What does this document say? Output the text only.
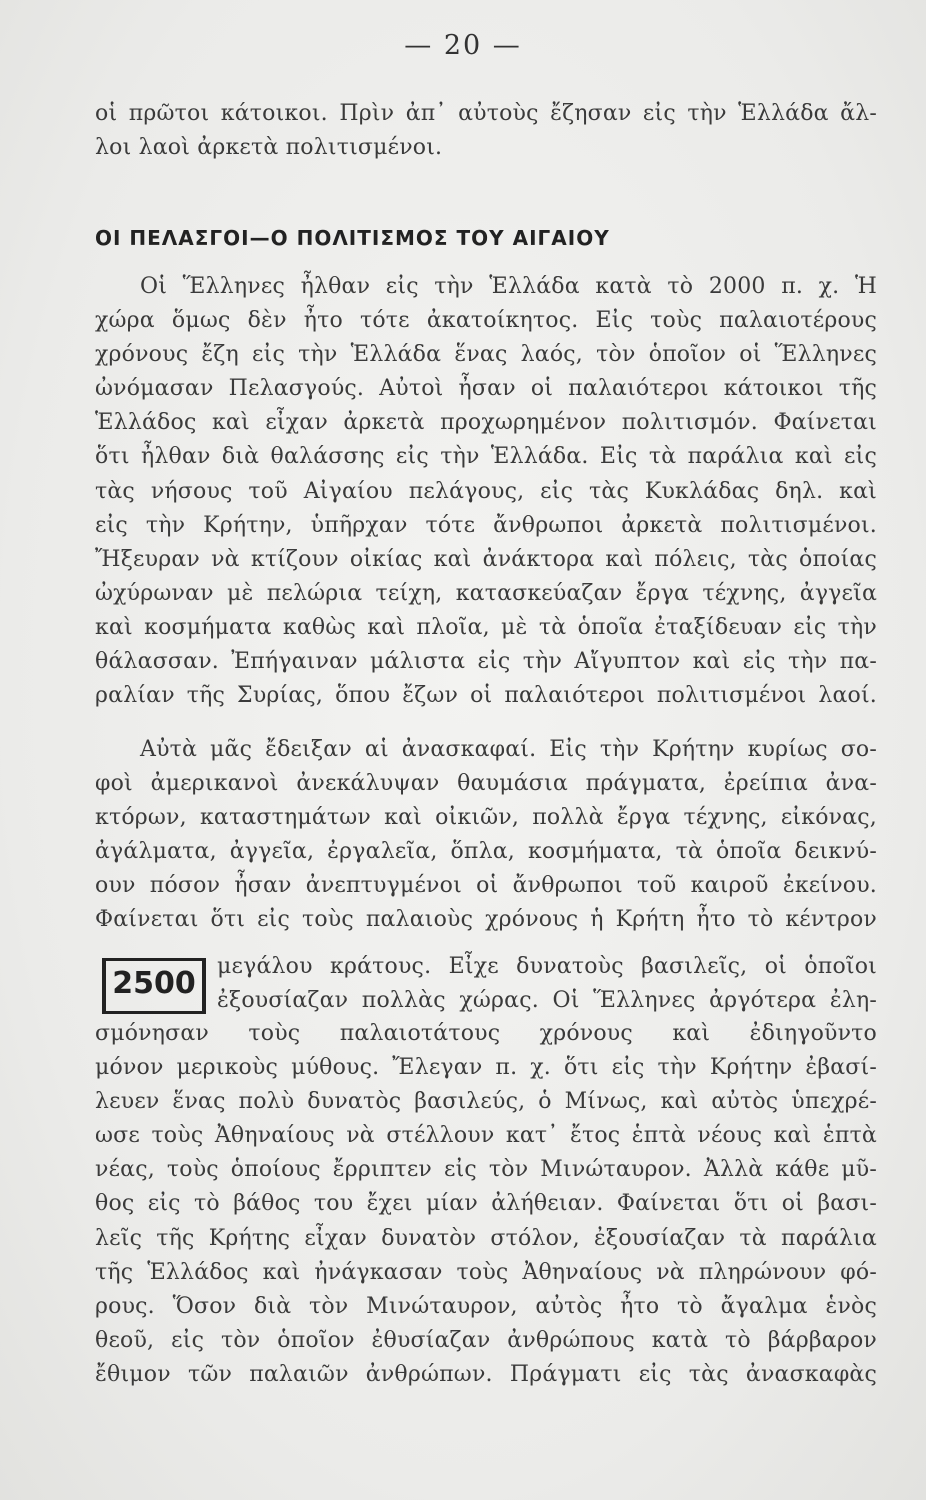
— 20 —
οἱ πρῶτοι κάτοικοι. Πρὶν ἀπ᾽ αὐτοὺς ἔζησαν εἰς τὴν Ἑλλάδα ἄλ-
λοι λαοὶ ἀρκετὰ πολιτισμένοι.
ΟΙ ΠΕΛΑΣΓΟΙ—Ο ΠΟΛΙΤΙΣΜΟΣ ΤΟΥ ΑΙΓΑΙΟΥ
Οἱ Ἕλληνες ἦλθαν εἰς τὴν Ἑλλάδα κατὰ τὸ 2000 π. χ. Ἡ
χώρα ὅμως δὲν ἦτο τότε ἀκατοίκητος. Εἰς τοὺς παλαιοτέρους
χρόνους ἔζη εἰς τὴν Ἑλλάδα ἕνας λαός, τὸν ὁποῖον οἱ Ἕλληνες
ὠνόμασαν Πελασγούς. Αὐτοὶ ἦσαν οἱ παλαιότεροι κάτοικοι τῆς
Ἑλλάδος καὶ εἶχαν ἀρκετὰ προχωρημένον πολιτισμόν. Φαίνεται
ὅτι ἦλθαν διὰ θαλάσσης εἰς τὴν Ἑλλάδα. Εἰς τὰ παράλια καὶ εἰς
τὰς νήσους τοῦ Αἰγαίου πελάγους, εἰς τὰς Κυκλάδας δηλ. καὶ
εἰς τὴν Κρήτην, ὑπῆρχαν τότε ἄνθρωποι ἀρκετὰ πολιτισμένοι.
Ἤξευραν νὰ κτίζουν οἰκίας καὶ ἀνάκτορα καὶ πόλεις, τὰς ὁποίας
ὠχύρωναν μὲ πελώρια τείχη, κατασκεύαζαν ἔργα τέχνης, ἀγγεῖα
καὶ κοσμήματα καθὼς καὶ πλοῖα, μὲ τὰ ὁποῖα ἐταξίδευαν εἰς τὴν
θάλασσαν. Ἐπήγαιναν μάλιστα εἰς τὴν Αἴγυπτον καὶ εἰς τὴν πα-
ραλίαν τῆς Συρίας, ὅπου ἔζων οἱ παλαιότεροι πολιτισμένοι λαοί.
Αὐτὰ μᾶς ἔδειξαν αἱ ἀνασκαφαί. Εἰς τὴν Κρήτην κυρίως σο-
φοὶ ἀμερικανοὶ ἀνεκάλυψαν θαυμάσια πράγματα, ἐρείπια ἀνα-
κτόρων, καταστημάτων καὶ οἰκιῶν, πολλὰ ἔργα τέχνης, εἰκόνας,
ἀγάλματα, ἀγγεῖα, ἐργαλεῖα, ὅπλα, κοσμήματα, τὰ ὁποῖα δεικνύ-
ουν πόσον ἦσαν ἀνεπτυγμένοι οἱ ἄνθρωποι τοῦ καιροῦ ἐκείνου.
Φαίνεται ὅτι εἰς τοὺς παλαιοὺς χρόνους ἡ Κρήτη ἦτο τὸ κέντρον
2500 μεγάλου κράτους. Εἶχε δυνατοὺς βασιλεῖς, οἱ ὁποῖοι
ἐξουσίαζαν πολλὰς χώρας. Οἱ Ἕλληνες ἀργότερα ἐλη-
σμόνησαν τοὺς παλαιοτάτους χρόνους καὶ ἐδιηγοῦντο
μόνον μερικοὺς μύθους. Ἔλεγαν π. χ. ὅτι εἰς τὴν Κρήτην ἐβασί-
λευεν ἕνας πολὺ δυνατὸς βασιλεύς, ὁ Μίνως, καὶ αὐτὸς ὑπεχρέ-
ωσε τοὺς Ἀθηναίους νὰ στέλλουν κατ᾽ ἔτος ἑπτὰ νέους καὶ ἑπτὰ
νέας, τοὺς ὁποίους ἔρριπτεν εἰς τὸν Μινώταυρον. Ἀλλὰ κάθε μῦ-
θος εἰς τὸ βάθος του ἔχει μίαν ἀλήθειαν. Φαίνεται ὅτι οἱ βασι-
λεῖς τῆς Κρήτης εἶχαν δυνατὸν στόλον, ἐξουσίαζαν τὰ παράλια
τῆς Ἑλλάδος καὶ ἠνάγκασαν τοὺς Ἀθηναίους νὰ πληρώνουν φό-
ρους. Ὅσον διὰ τὸν Μινώταυρον, αὐτὸς ἦτο τὸ ἄγαλμα ἑνὸς
θεοῦ, εἰς τὸν ὁποῖον ἐθυσίαζαν ἀνθρώπους κατὰ τὸ βάρβαρον
ἔθιμον τῶν παλαιῶν ἀνθρώπων. Πράγματι εἰς τὰς ἀνασκαφὰς
